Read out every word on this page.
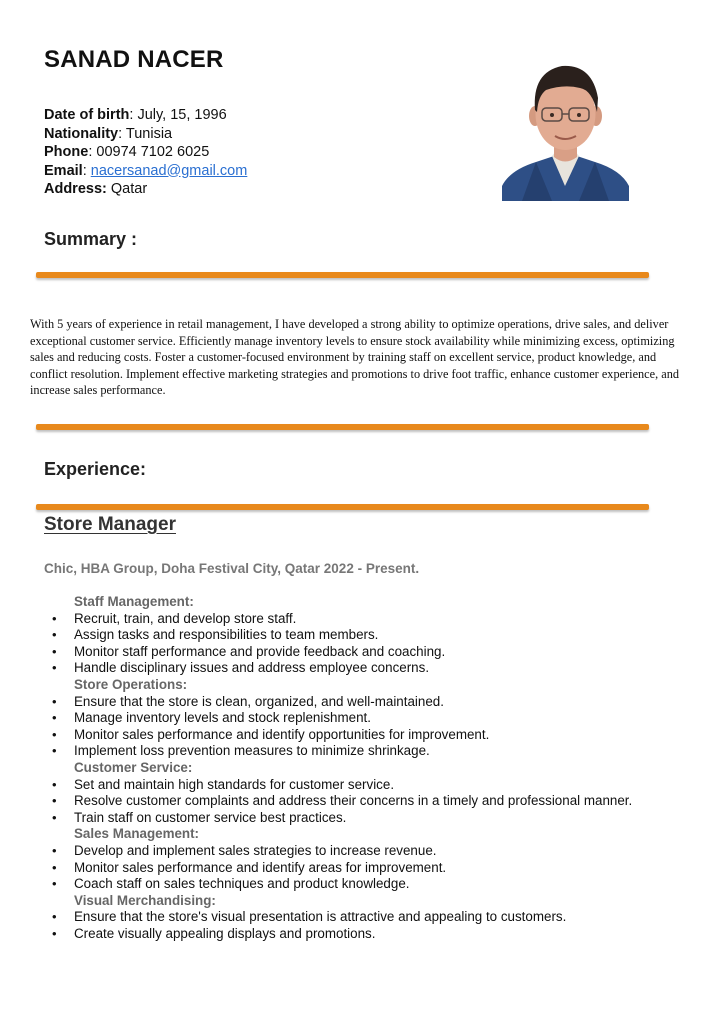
SANAD NACER
Date of birth: July, 15, 1996
Nationality: Tunisia
Phone: 00974 7102 6025
Email: nacersanad@gmail.com
Address: Qatar
Summary :
With 5 years of experience in retail management, I have developed a strong ability to optimize operations, drive sales, and deliver exceptional customer service. Efficiently manage inventory levels to ensure stock availability while minimizing excess, optimizing sales and reducing costs. Foster a customer-focused environment by training staff on excellent service, product knowledge, and conflict resolution. Implement effective marketing strategies and promotions to drive foot traffic, enhance customer experience, and increase sales performance.
Experience:
Store Manager
Chic, HBA Group, Doha Festival City, Qatar 2022 - Present.
Staff Management:
• Recruit, train, and develop store staff.
• Assign tasks and responsibilities to team members.
• Monitor staff performance and provide feedback and coaching.
• Handle disciplinary issues and address employee concerns.
Store Operations:
• Ensure that the store is clean, organized, and well-maintained.
• Manage inventory levels and stock replenishment.
• Monitor sales performance and identify opportunities for improvement.
• Implement loss prevention measures to minimize shrinkage.
Customer Service:
• Set and maintain high standards for customer service.
• Resolve customer complaints and address their concerns in a timely and professional manner.
• Train staff on customer service best practices.
Sales Management:
• Develop and implement sales strategies to increase revenue.
• Monitor sales performance and identify areas for improvement.
• Coach staff on sales techniques and product knowledge.
Visual Merchandising:
• Ensure that the store's visual presentation is attractive and appealing to customers.
• Create visually appealing displays and promotions.
